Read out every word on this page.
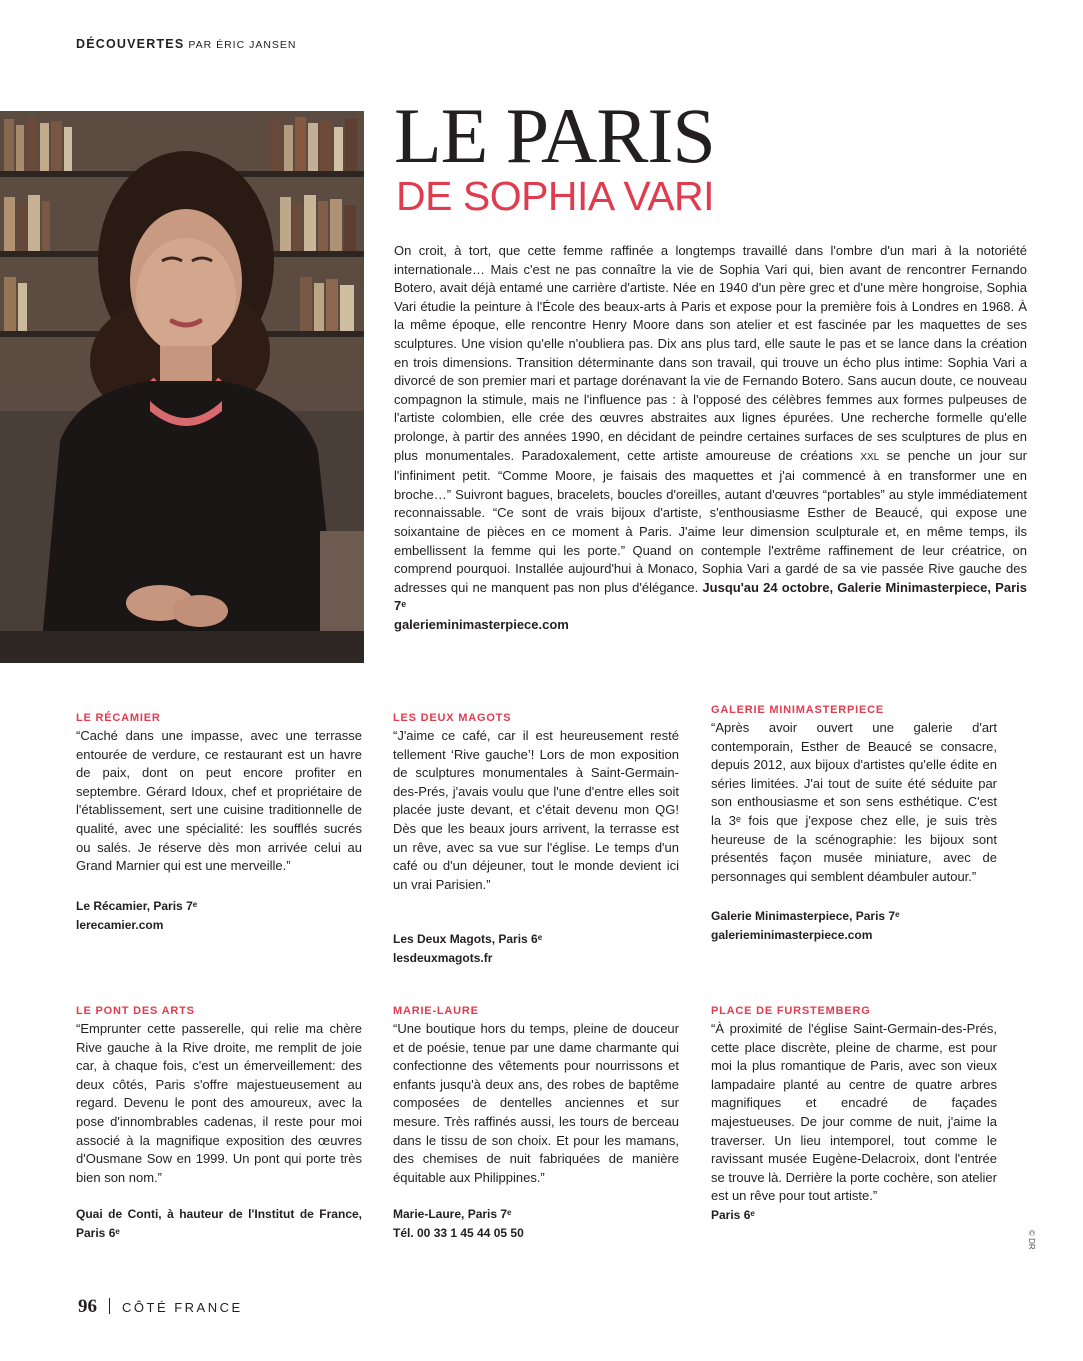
DÉCOUVERTES PAR ÉRIC JANSEN
LE PARIS
DE SOPHIA VARI

On croit, à tort, que cette femme raffinée a longtemps travaillé dans l'ombre d'un mari à la notoriété internationale… Mais c'est ne pas connaître la vie de Sophia Vari qui, bien avant de rencontrer Fernando Botero, avait déjà entamé une carrière d'artiste. Née en 1940 d'un père grec et d'une mère hongroise, Sophia Vari étudie la peinture à l'École des beaux-arts à Paris et expose pour la première fois à Londres en 1968. À la même époque, elle rencontre Henry Moore dans son atelier et est fascinée par les maquettes de ses sculptures. Une vision qu'elle n'oubliera pas. Dix ans plus tard, elle saute le pas et se lance dans la création en trois dimensions. Transition déterminante dans son travail, qui trouve un écho plus intime: Sophia Vari a divorcé de son premier mari et partage dorénavant la vie de Fernando Botero. Sans aucun doute, ce nouveau compagnon la stimule, mais ne l'influence pas : à l'opposé des célèbres femmes aux formes pulpeuses de l'artiste colombien, elle crée des œuvres abstraites aux lignes épurées. Une recherche formelle qu'elle prolonge, à partir des années 1990, en décidant de peindre certaines surfaces de ses sculptures de plus en plus monumentales. Paradoxalement, cette artiste amoureuse de créations XXL se penche un jour sur l'infiniment petit. “Comme Moore, je faisais des maquettes et j'ai commencé à en transformer une en broche…” Suivront bagues, bracelets, boucles d'oreilles, autant d'œuvres “portables” au style immédiatement reconnaissable. “Ce sont de vrais bijoux d'artiste, s'enthousiasme Esther de Beaucé, qui expose une soixantaine de pièces en ce moment à Paris. J'aime leur dimension sculpturale et, en même temps, ils embellissent la femme qui les porte.” Quand on contemple l'extrême raffinement de leur créatrice, on comprend pourquoi. Installée aujourd'hui à Monaco, Sophia Vari a gardé de sa vie passée Rive gauche des adresses qui ne manquent pas non plus d'élégance. Jusqu'au 24 octobre, Galerie Minimasterpiece, Paris 7ᵉ
galerieminimasterpiece.com

LE RÉCAMIER

“Caché dans une impasse, avec une terrasse entourée de verdure, ce restaurant est un havre de paix, dont on peut encore profiter en septembre. Gérard Idoux, chef et propriétaire de l'établissement, sert une cuisine traditionnelle de qualité, avec une spécialité: les soufflés sucrés ou salés. Je réserve dès mon arrivée celui au Grand Marnier qui est une merveille.”

Le Récamier, Paris 7ᵉ
lerecamier.com
LES DEUX MAGOTS

“J'aime ce café, car il est heureusement resté tellement ‘Rive gauche’! Lors de mon exposition de sculptures monumentales à Saint-Germain-des-Prés, j'avais voulu que l'une d'entre elles soit placée juste devant, et c'était devenu mon QG! Dès que les beaux jours arrivent, la terrasse est un rêve, avec sa vue sur l'église. Le temps d'un café ou d'un déjeuner, tout le monde devient ici un vrai Parisien.”

Les Deux Magots, Paris 6ᵉ
lesdeuxmagots.fr
GALERIE MINIMASTERPIECE

“Après avoir ouvert une galerie d'art contemporain, Esther de Beaucé se consacre, depuis 2012, aux bijoux d'artistes qu'elle édite en séries limitées. J'ai tout de suite été séduite par son enthousiasme et son sens esthétique. C'est la 3ᵉ fois que j'expose chez elle, je suis très heureuse de la scénographie: les bijoux sont présentés façon musée miniature, avec de personnages qui semblent déambuler autour.”

Galerie Minimasterpiece, Paris 7ᵉ
galerieminimasterpiece.com
LE PONT DES ARTS

“Emprunter cette passerelle, qui relie ma chère Rive gauche à la Rive droite, me remplit de joie car, à chaque fois, c'est un émerveillement: des deux côtés, Paris s'offre majestueusement au regard. Devenu le pont des amoureux, avec la pose d'innombrables cadenas, il reste pour moi associé à la magnifique exposition des œuvres d'Ousmane Sow en 1999. Un pont qui porte très bien son nom.”

Quai de Conti, à hauteur de l'Institut de France, Paris 6ᵉ
MARIE-LAURE

“Une boutique hors du temps, pleine de douceur et de poésie, tenue par une dame charmante qui confectionne des vêtements pour nourrissons et enfants jusqu'à deux ans, des robes de baptême composées de dentelles anciennes et sur mesure. Très raffinés aussi, les tours de berceau dans le tissu de son choix. Et pour les mamans, des chemises de nuit fabriquées de manière équitable aux Philippines.”

Marie-Laure, Paris 7ᵉ
Tél. 00 33 1 45 44 05 50
PLACE DE FURSTEMBERG

“À proximité de l'église Saint-Germain-des-Prés, cette place discrète, pleine de charme, est pour moi la plus romantique de Paris, avec son vieux lampadaire planté au centre de quatre arbres magnifiques et encadré de façades majestueuses. De jour comme de nuit, j'aime la traverser. Un lieu intemporel, tout comme le ravissant musée Eugène-Delacroix, dont l'entrée se trouve là. Derrière la porte cochère, son atelier est un rêve pour tout artiste.”

Paris 6ᵉ
96 CÔTÉ FRANCE
© DR
